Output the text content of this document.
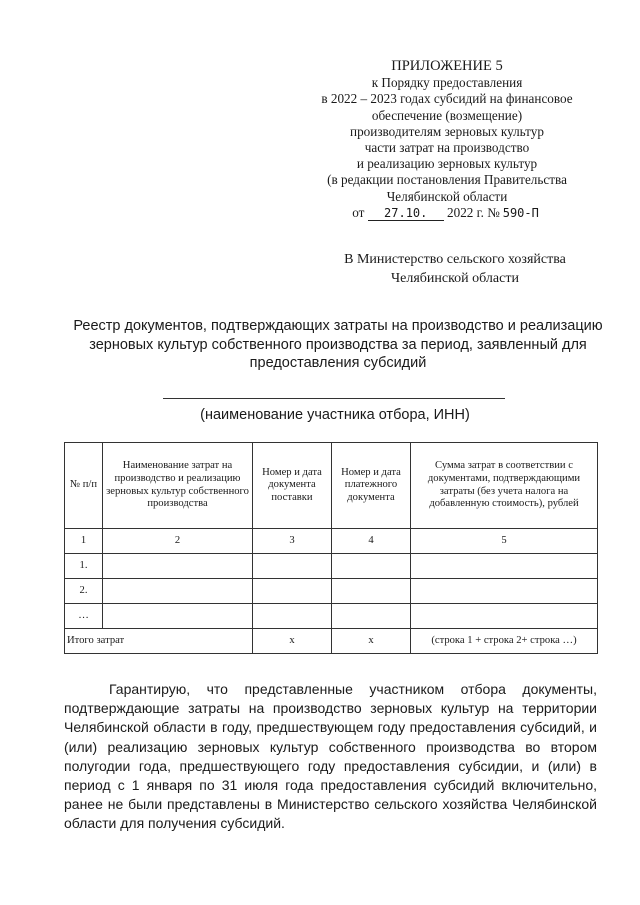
ПРИЛОЖЕНИЕ 5
к Порядку предоставления
в 2022 – 2023 годах субсидий на финансовое
обеспечение (возмещение)
производителям зерновых культур
части затрат на производство
и реализацию зерновых культур
(в редакции постановления Правительства
Челябинской области
от 27.10. 2022 г. № 590-П
В Министерство сельского хозяйства
Челябинской области
Реестр документов, подтверждающих затраты на производство и реализацию
зерновых культур собственного производства за период, заявленный для
предоставления субсидий
(наименование участника отбора, ИНН)
№ п/п	Наименование затрат на производство и реализацию зерновых культур собственного производства	Номер и дата документа поставки	Номер и дата платежного документа	Сумма затрат в соответствии с документами, подтверждающими затраты (без учета налога на добавленную стоимость), рублей
1	2	3	4	5
1.				
2.				
…				
Итого затрат		x	x	(строка 1 + строка 2+ строка …)
Гарантирую, что представленные участником отбора документы, подтверждающие затраты на производство зерновых культур на территории Челябинской области в году, предшествующем году предоставления субсидий, и (или) реализацию зерновых культур собственного производства во втором полугодии года, предшествующего году предоставления субсидии, и (или) в период с 1 января по 31 июля года предоставления субсидий включительно, ранее не были представлены в Министерство сельского хозяйства Челябинской области для получения субсидий.
